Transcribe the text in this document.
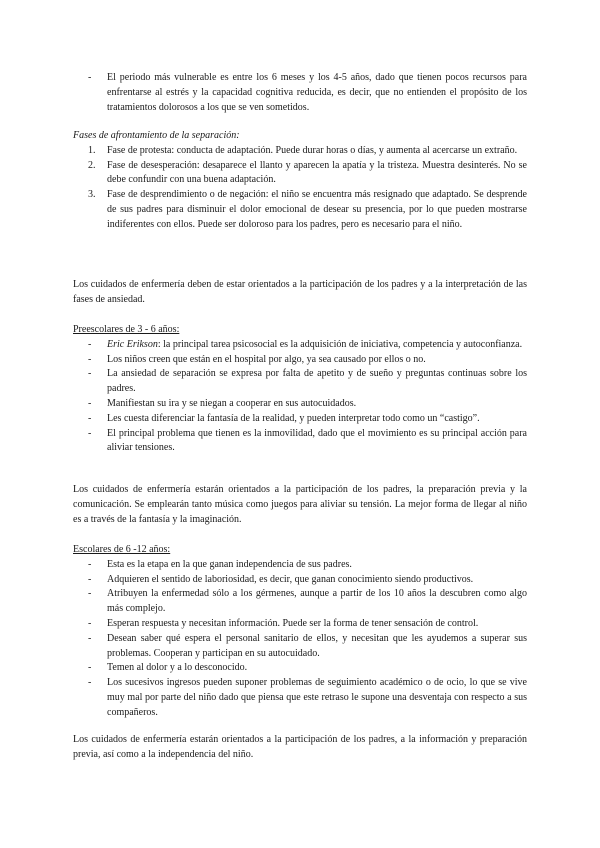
- El periodo más vulnerable es entre los 6 meses y los 4-5 años, dado que tienen pocos recursos para enfrentarse al estrés y la capacidad cognitiva reducida, es decir, que no entienden el propósito de los tratamientos dolorosos a los que se ven sometidos.
Fases de afrontamiento de la separación:
1. Fase de protesta: conducta de adaptación. Puede durar horas o días, y aumenta al acercarse un extraño.
2. Fase de desesperación: desaparece el llanto y aparecen la apatía y la tristeza. Muestra desinterés. No se debe confundir con una buena adaptación.
3. Fase de desprendimiento o de negación: el niño se encuentra más resignado que adaptado. Se desprende de sus padres para disminuir el dolor emocional de desear su presencia, por lo que pueden mostrarse indiferentes con ellos. Puede ser doloroso para los padres, pero es necesario para el niño.
Los cuidados de enfermería deben de estar orientados a la participación de los padres y a la interpretación de las fases de ansiedad.
Preescolares de 3 - 6 años:
- Eric Erikson: la principal tarea psicosocial es la adquisición de iniciativa, competencia y autoconfianza.
- Los niños creen que están en el hospital por algo, ya sea causado por ellos o no.
- La ansiedad de separación se expresa por falta de apetito y de sueño y preguntas continuas sobre los padres.
- Manifiestan su ira y se niegan a cooperar en sus autocuidados.
- Les cuesta diferenciar la fantasía de la realidad, y pueden interpretar todo como un “castigo”.
- El principal problema que tienen es la inmovilidad, dado que el movimiento es su principal acción para aliviar tensiones.
Los cuidados de enfermería estarán orientados a la participación de los padres, la preparación previa y la comunicación. Se emplearán tanto música como juegos para aliviar su tensión. La mejor forma de llegar al niño es a través de la fantasía y la imaginación.
Escolares de 6 -12 años:
- Esta es la etapa en la que ganan independencia de sus padres.
- Adquieren el sentido de laboriosidad, es decir, que ganan conocimiento siendo productivos.
- Atribuyen la enfermedad sólo a los gérmenes, aunque a partir de los 10 años la descubren como algo más complejo.
- Esperan respuesta y necesitan información. Puede ser la forma de tener sensación de control.
- Desean saber qué espera el personal sanitario de ellos, y necesitan que les ayudemos a superar sus problemas. Cooperan y participan en su autocuidado.
- Temen al dolor y a lo desconocido.
- Los sucesivos ingresos pueden suponer problemas de seguimiento académico o de ocio, lo que se vive muy mal por parte del niño dado que piensa que este retraso le supone una desventaja con respecto a sus compañeros.
Los cuidados de enfermería estarán orientados a la participación de los padres, a la información y preparación previa, así como a la independencia del niño.
